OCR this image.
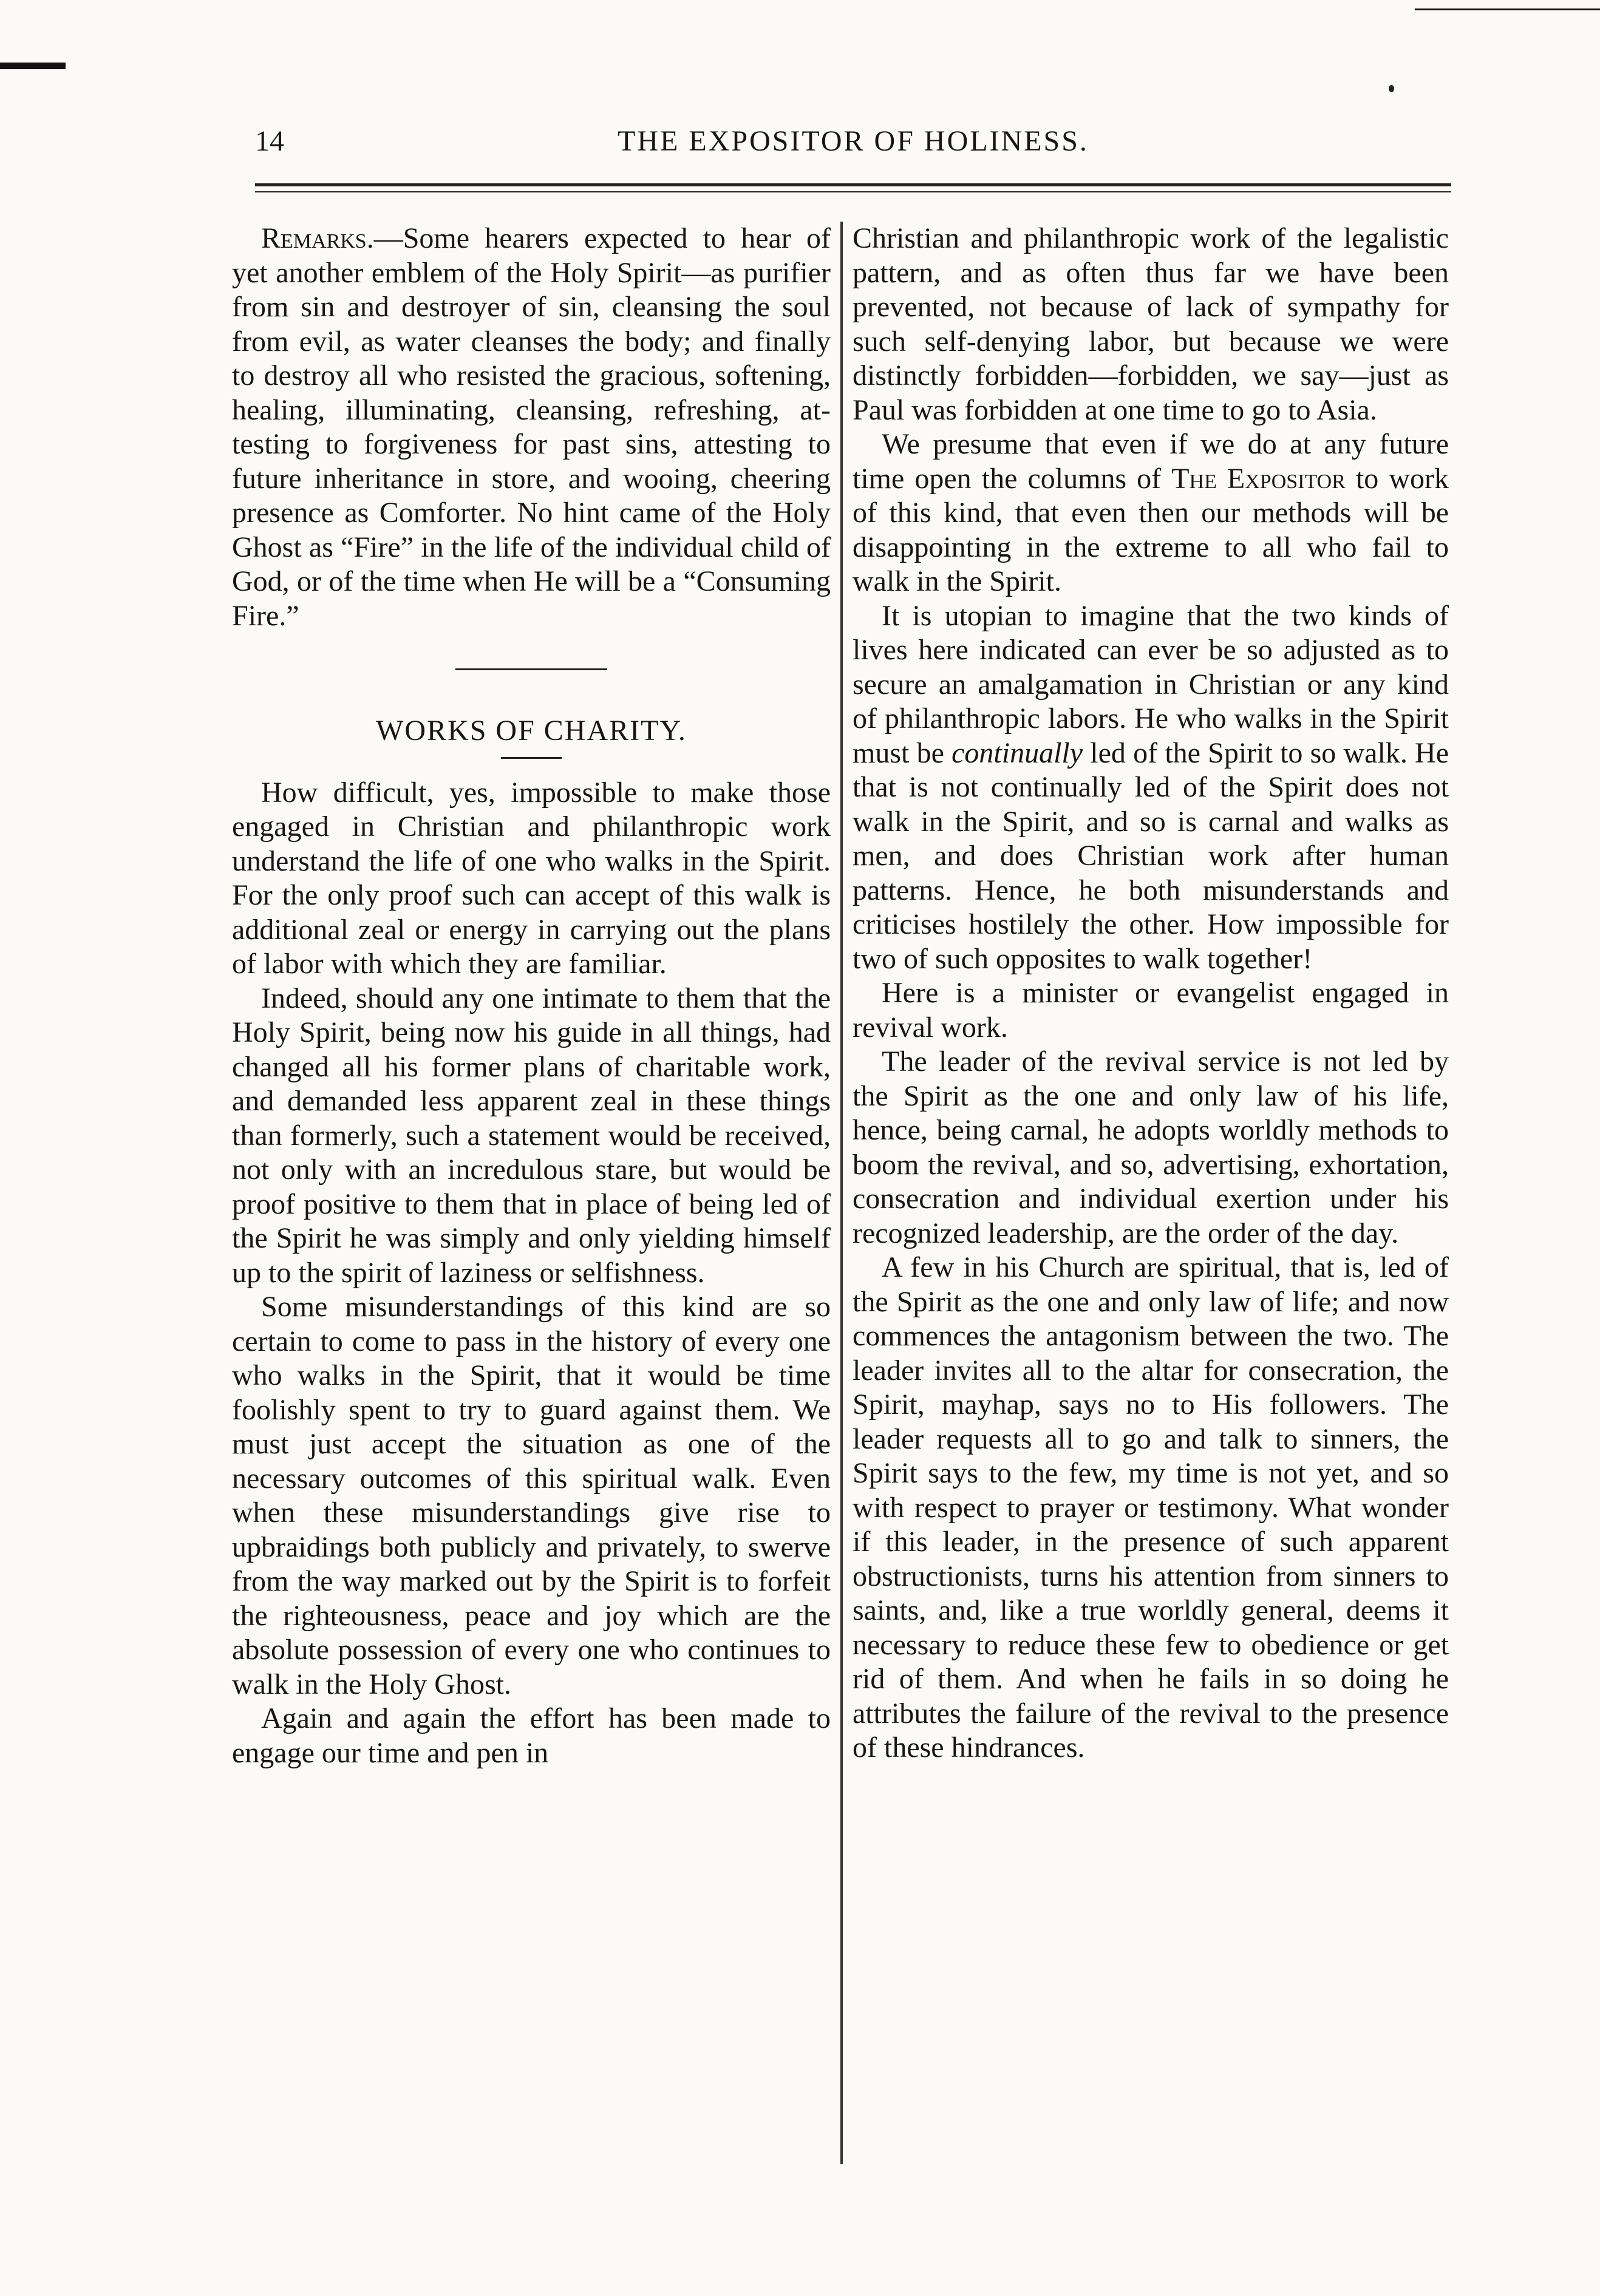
14	THE EXPOSITOR OF HOLINESS.

Remarks.—Some hearers expected to hear of yet another emblem of the Holy Spirit—as purifier from sin and destroyer of sin, cleansing the soul from evil, as water cleanses the body; and finally to destroy all who resisted the gracious, softening, healing, illuminating, cleansing, refreshing, attesting to forgiveness for past sins, attesting to future inheritance in store, and wooing, cheering presence as Comforter. No hint came of the Holy Ghost as “Fire” in the life of the individual child of God, or of the time when He will be a “Consuming Fire.”

WORKS OF CHARITY.

How difficult, yes, impossible to make those engaged in Christian and philanthropic work understand the life of one who walks in the Spirit. For the only proof such can accept of this walk is additional zeal or energy in carrying out the plans of labor with which they are familiar.

Indeed, should any one intimate to them that the Holy Spirit, being now his guide in all things, had changed all his former plans of charitable work, and demanded less apparent zeal in these things than formerly, such a statement would be received, not only with an incredulous stare, but would be proof positive to them that in place of being led of the Spirit he was simply and only yielding himself up to the spirit of laziness or selfishness.

Some misunderstandings of this kind are so certain to come to pass in the history of every one who walks in the Spirit, that it would be time foolishly spent to try to guard against them. We must just accept the situation as one of the necessary outcomes of this spiritual walk. Even when these misunderstandings give rise to upbraidings both publicly and privately, to swerve from the way marked out by the Spirit is to forfeit the righteousness, peace and joy which are the absolute possession of every one who continues to walk in the Holy Ghost.

Again and again the effort has been made to engage our time and pen in

Christian and philanthropic work of the legalistic pattern, and as often thus far we have been prevented, not because of lack of sympathy for such self-denying labor, but because we were distinctly forbidden—forbidden, we say—just as Paul was forbidden at one time to go to Asia.

We presume that even if we do at any future time open the columns of The Expositor to work of this kind, that even then our methods will be disappointing in the extreme to all who fail to walk in the Spirit.

It is utopian to imagine that the two kinds of lives here indicated can ever be so adjusted as to secure an amalgamation in Christian or any kind of philanthropic labors. He who walks in the Spirit must be continually led of the Spirit to so walk. He that is not continually led of the Spirit does not walk in the Spirit, and so is carnal and walks as men, and does Christian work after human patterns. Hence, he both misunderstands and criticises hostilely the other. How impossible for two of such opposites to walk together!

Here is a minister or evangelist engaged in revival work.

The leader of the revival service is not led by the Spirit as the one and only law of his life, hence, being carnal, he adopts worldly methods to boom the revival, and so, advertising, exhortation, consecration and individual exertion under his recognized leadership, are the order of the day.

A few in his Church are spiritual, that is, led of the Spirit as the one and only law of life; and now commences the antagonism between the two. The leader invites all to the altar for consecration, the Spirit, mayhap, says no to His followers. The leader requests all to go and talk to sinners, the Spirit says to the few, my time is not yet, and so with respect to prayer or testimony. What wonder if this leader, in the presence of such apparent obstructionists, turns his attention from sinners to saints, and, like a true worldly general, deems it necessary to reduce these few to obedience or get rid of them. And when he fails in so doing he attributes the failure of the revival to the presence of these hindrances.
